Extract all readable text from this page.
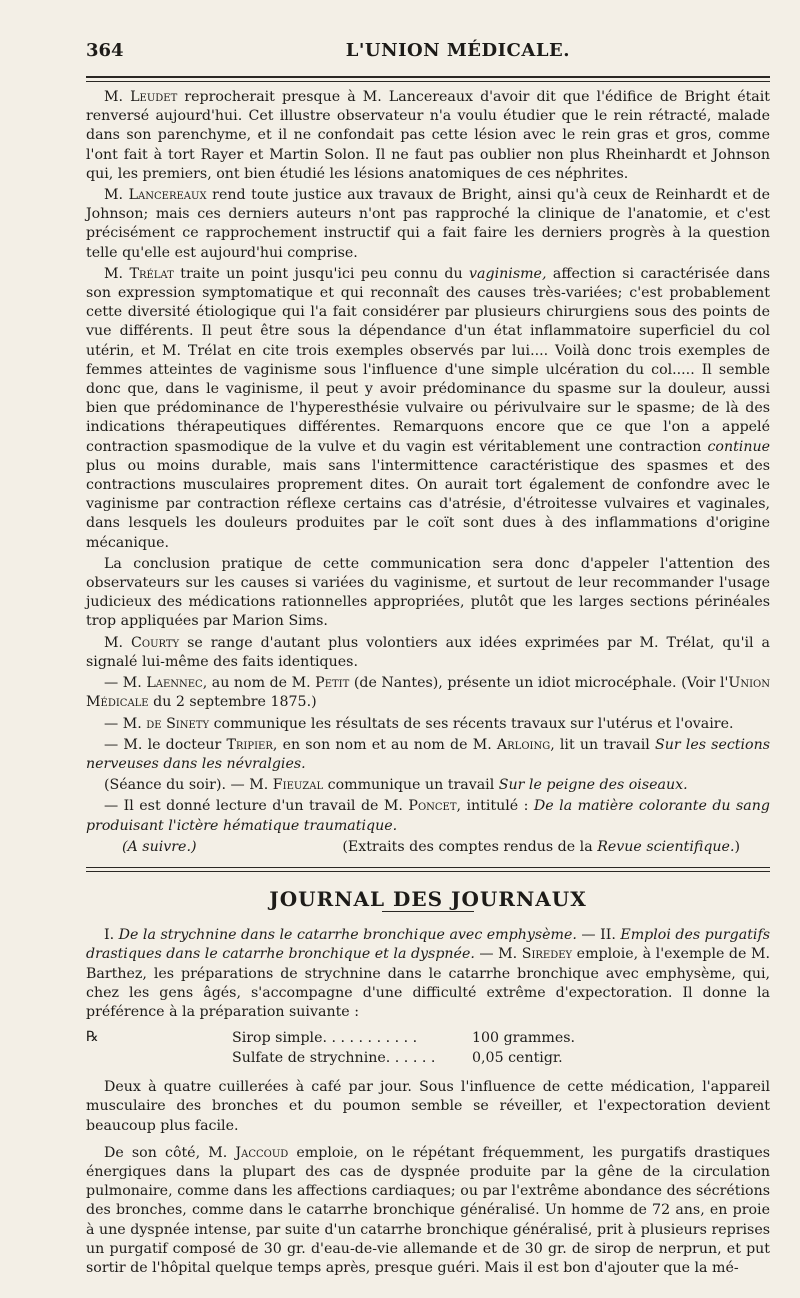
364	L'UNION MÉDICALE.

M. Leudet reprocherait presque à M. Lancereaux d'avoir dit que l'édifice de Bright était renversé aujourd'hui. Cet illustre observateur n'a voulu étudier que le rein rétracté, malade dans son parenchyme, et il ne confondait pas cette lésion avec le rein gras et gros, comme l'ont fait à tort Rayer et Martin Solon. Il ne faut pas oublier non plus Rheinhardt et Johnson qui, les premiers, ont bien étudié les lésions anatomiques de ces néphrites.

M. Lancereaux rend toute justice aux travaux de Bright, ainsi qu'à ceux de Reinhardt et de Johnson; mais ces derniers auteurs n'ont pas rapproché la clinique de l'anatomie, et c'est précisément ce rapprochement instructif qui a fait faire les derniers progrès à la question telle qu'elle est aujourd'hui comprise.

M. Trélat traite un point jusqu'ici peu connu du vaginisme, affection si caractérisée dans son expression symptomatique et qui reconnaît des causes très-variées; c'est probablement cette diversité étiologique qui l'a fait considérer par plusieurs chirurgiens sous des points de vue différents. Il peut être sous la dépendance d'un état inflammatoire superficiel du col utérin, et M. Trélat en cite trois exemples observés par lui.... Voilà donc trois exemples de femmes atteintes de vaginisme sous l'influence d'une simple ulcération du col..... Il semble donc que, dans le vaginisme, il peut y avoir prédominance du spasme sur la douleur, aussi bien que prédominance de l'hyperesthésie vulvaire ou périvulvaire sur le spasme; de là des indications thérapeutiques différentes. Remarquons encore que ce que l'on a appelé contraction spasmodique de la vulve et du vagin est véritablement une contraction continue plus ou moins durable, mais sans l'intermittence caractéristique des spasmes et des contractions musculaires proprement dites. On aurait tort également de confondre avec le vaginisme par contraction réflexe certains cas d'atrésie, d'étroitesse vulvaires et vaginales, dans lesquels les douleurs produites par le coït sont dues à des inflammations d'origine mécanique.

La conclusion pratique de cette communication sera donc d'appeler l'attention des observateurs sur les causes si variées du vaginisme, et surtout de leur recommander l'usage judicieux des médications rationnelles appropriées, plutôt que les larges sections périnéales trop appliquées par Marion Sims.

M. Courty se range d'autant plus volontiers aux idées exprimées par M. Trélat, qu'il a signalé lui-même des faits identiques.

— M. Laennec, au nom de M. Petit (de Nantes), présente un idiot microcéphale. (Voir l'Union Médicale du 2 septembre 1875.)

— M. de Sinety communique les résultats de ses récents travaux sur l'utérus et l'ovaire.

— M. le docteur Tripier, en son nom et au nom de M. Arloing, lit un travail Sur les sections nerveuses dans les névralgies.

(Séance du soir). — M. Fieuzal communique un travail Sur le peigne des oiseaux.

— Il est donné lecture d'un travail de M. Poncet, intitulé : De la matière colorante du sang produisant l'ictère hématique traumatique.

(A suivre.)	(Extraits des comptes rendus de la Revue scientifique.)

JOURNAL DES JOURNAUX

I. De la strychnine dans le catarrhe bronchique avec emphysème. — II. Emploi des purgatifs drastiques dans le catarrhe bronchique et la dyspnée. — M. Siredey emploie, à l'exemple de M. Barthez, les préparations de strychnine dans le catarrhe bronchique avec emphysème, qui, chez les gens âgés, s'accompagne d'une difficulté extrême d'expectoration. Il donne la préférence à la préparation suivante :

℞	Sirop simple. . . . . . . . . . .	100 grammes.
Sulfate de strychnine. . . . . .	0,05 centigr.

Deux à quatre cuillerées à café par jour. Sous l'influence de cette médication, l'appareil musculaire des bronches et du poumon semble se réveiller, et l'expectoration devient beaucoup plus facile.

De son côté, M. Jaccoud emploie, on le répétant fréquemment, les purgatifs drastiques énergiques dans la plupart des cas de dyspnée produite par la gêne de la circulation pulmonaire, comme dans les affections cardiaques; ou par l'extrême abondance des sécrétions des bronches, comme dans le catarrhe bronchique généralisé. Un homme de 72 ans, en proie à une dyspnée intense, par suite d'un catarrhe bronchique généralisé, prit à plusieurs reprises un purgatif composé de 30 gr. d'eau-de-vie allemande et de 30 gr. de sirop de nerprun, et put sortir de l'hôpital quelque temps après, presque guéri. Mais il est bon d'ajouter que la mé-
